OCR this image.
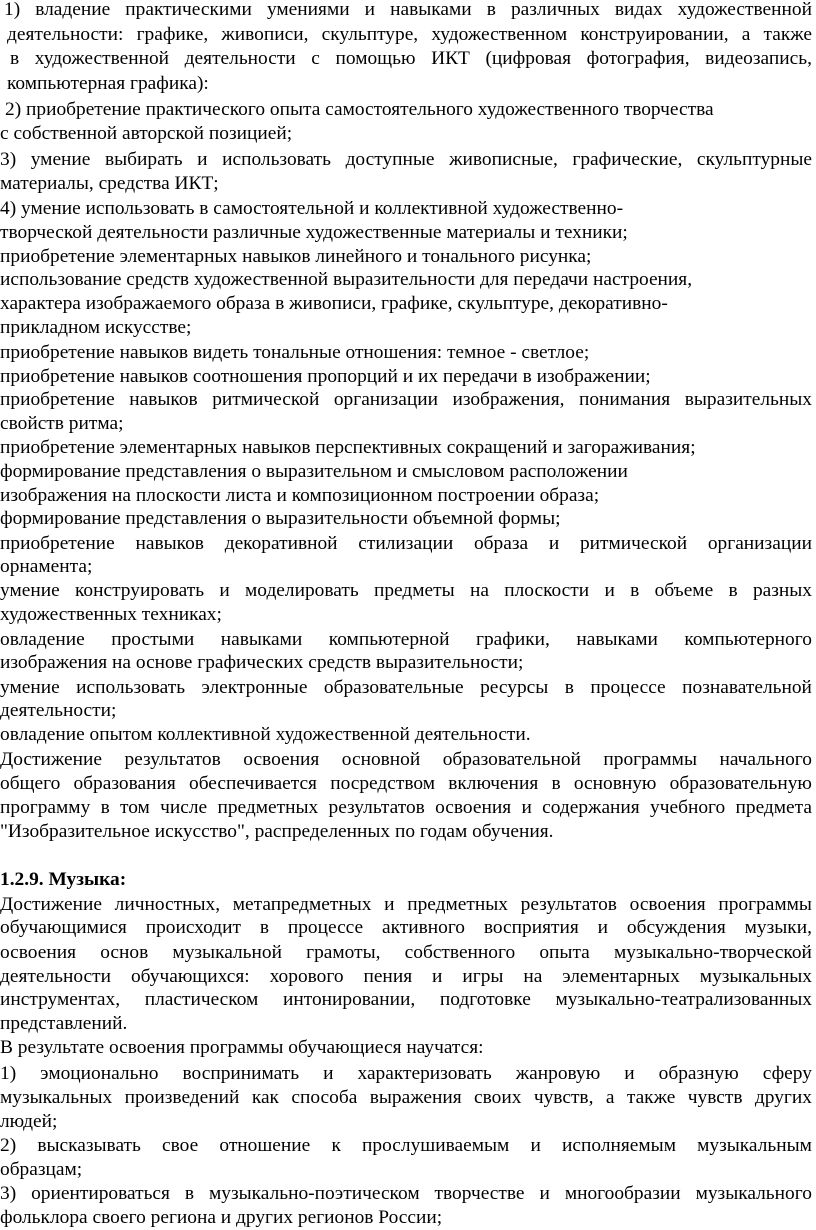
1) владение практическими умениями и навыками в различных видах художественной
деятельности: графике, живописи, скульптуре, художественном конструировании, а также
в художественной деятельности с помощью ИКТ (цифровая фотография, видеозапись,
компьютерная графика):
2) приобретение практического опыта самостоятельного художественного творчества
с собственной авторской позицией;
3) умение выбирать и использовать доступные живописные, графические, скульптурные
материалы, средства ИКТ;
4) умение использовать в самостоятельной и коллективной художественно-
творческой деятельности различные художественные материалы и техники;
приобретение элементарных навыков линейного и тонального рисунка;
использование средств художественной выразительности для передачи настроения,
характера изображаемого образа в живописи, графике, скульптуре, декоративно-
прикладном искусстве;
приобретение навыков видеть тональные отношения: темное - светлое;
приобретение навыков соотношения пропорций и их передачи в изображении;
приобретение навыков ритмической организации изображения, понимания выразительных
свойств ритма;
приобретение элементарных навыков перспективных сокращений и загораживания;
формирование представления о выразительном и смысловом расположении
изображения на плоскости листа и композиционном построении образа;
формирование представления о выразительности объемной формы;
приобретение навыков декоративной стилизации образа и ритмической организации
орнамента;
умение конструировать и моделировать предметы на плоскости и в объеме в разных
художественных техниках;
овладение простыми навыками компьютерной графики, навыками компьютерного
изображения на основе графических средств выразительности;
умение использовать электронные образовательные ресурсы в процессе познавательной
деятельности;
овладение опытом коллективной художественной деятельности.
Достижение результатов освоения основной образовательной программы начального
общего образования обеспечивается посредством включения в основную образовательную
программу в том числе предметных результатов освоения и содержания учебного предмета
"Изобразительное искусство", распределенных по годам обучения.
1.2.9. Музыка:
Достижение личностных, метапредметных и предметных результатов освоения программы
обучающимися происходит в процессе активного восприятия и обсуждения музыки,
освоения основ музыкальной грамоты, собственного опыта музыкально-творческой
деятельности обучающихся: хорового пения и игры на элементарных музыкальных
инструментах, пластическом интонировании, подготовке музыкально-театрализованных
представлений.
В результате освоения программы обучающиеся научатся:
1) эмоционально воспринимать и характеризовать жанровую и образную сферу
музыкальных произведений как способа выражения своих чувств, а также чувств других
людей;
2) высказывать свое отношение к прослушиваемым и исполняемым музыкальным
образцам;
3) ориентироваться в музыкально-поэтическом творчестве и многообразии музыкального
фольклора своего региона и других регионов России;
